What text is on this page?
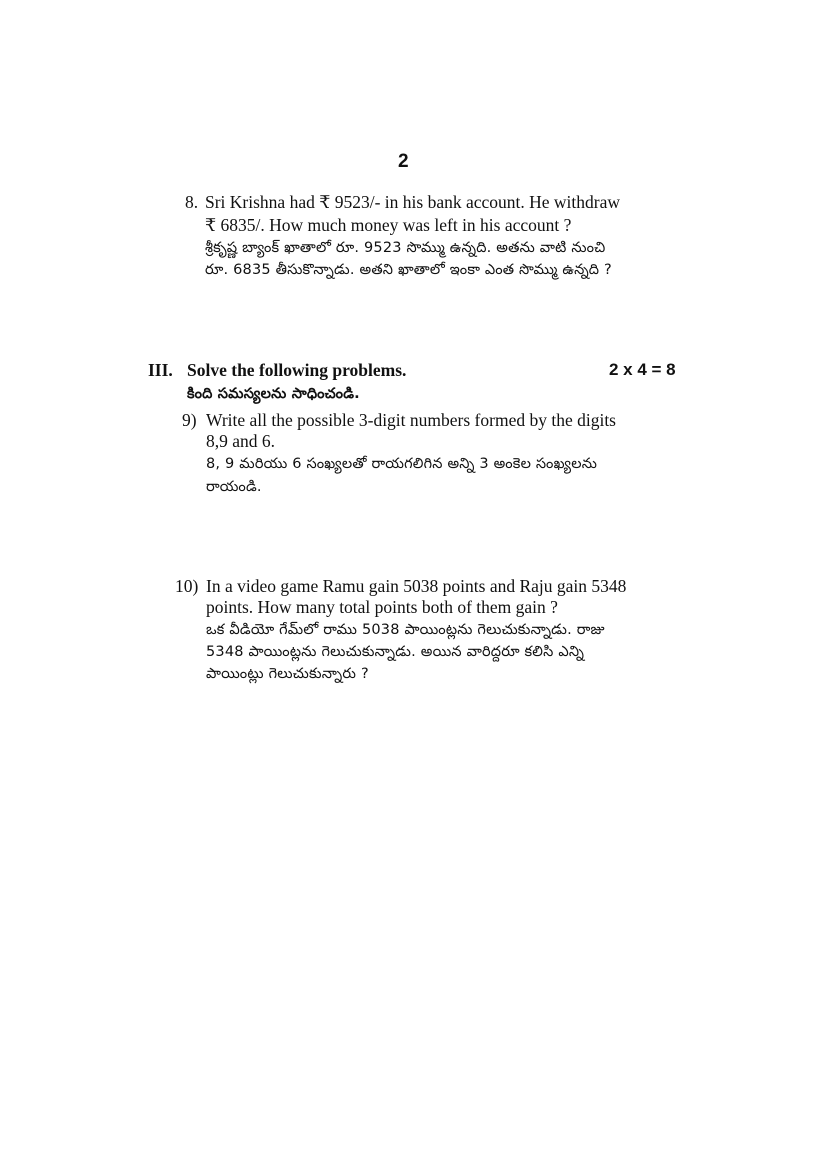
2
8. Sri Krishna had ₹ 9523/- in his bank account. He withdraw
₹ 6835/. How much money was left in his account ?
శ్రీకృష్ణ బ్యాంక్ ఖాతాలో రూ. 9523 సొమ్ము ఉన్నది. అతను వాటి నుంచి
రూ. 6835 తీసుకొన్నాడు. అతని ఖాతాలో ఇంకా ఎంత సొమ్ము ఉన్నది ?
III. Solve the following problems.	2 x 4 = 8
కింది సమస్యలను సాధించండి.
9) Write all the possible 3-digit numbers formed by the digits
8,9 and 6.
8, 9 మరియు 6 సంఖ్యలతో రాయగలిగిన అన్ని 3 అంకెల సంఖ్యలను
రాయండి.
10) In a video game Ramu gain 5038 points and Raju gain 5348
points. How many total points both of them gain ?
ఒక వీడియో గేమ్‌లో రాము 5038 పాయింట్లను గెలుచుకున్నాడు. రాజు
5348 పాయింట్లను గెలుచుకున్నాడు. అయిన వారిద్దరూ కలిసి ఎన్ని
పాయింట్లు గెలుచుకున్నారు ?
